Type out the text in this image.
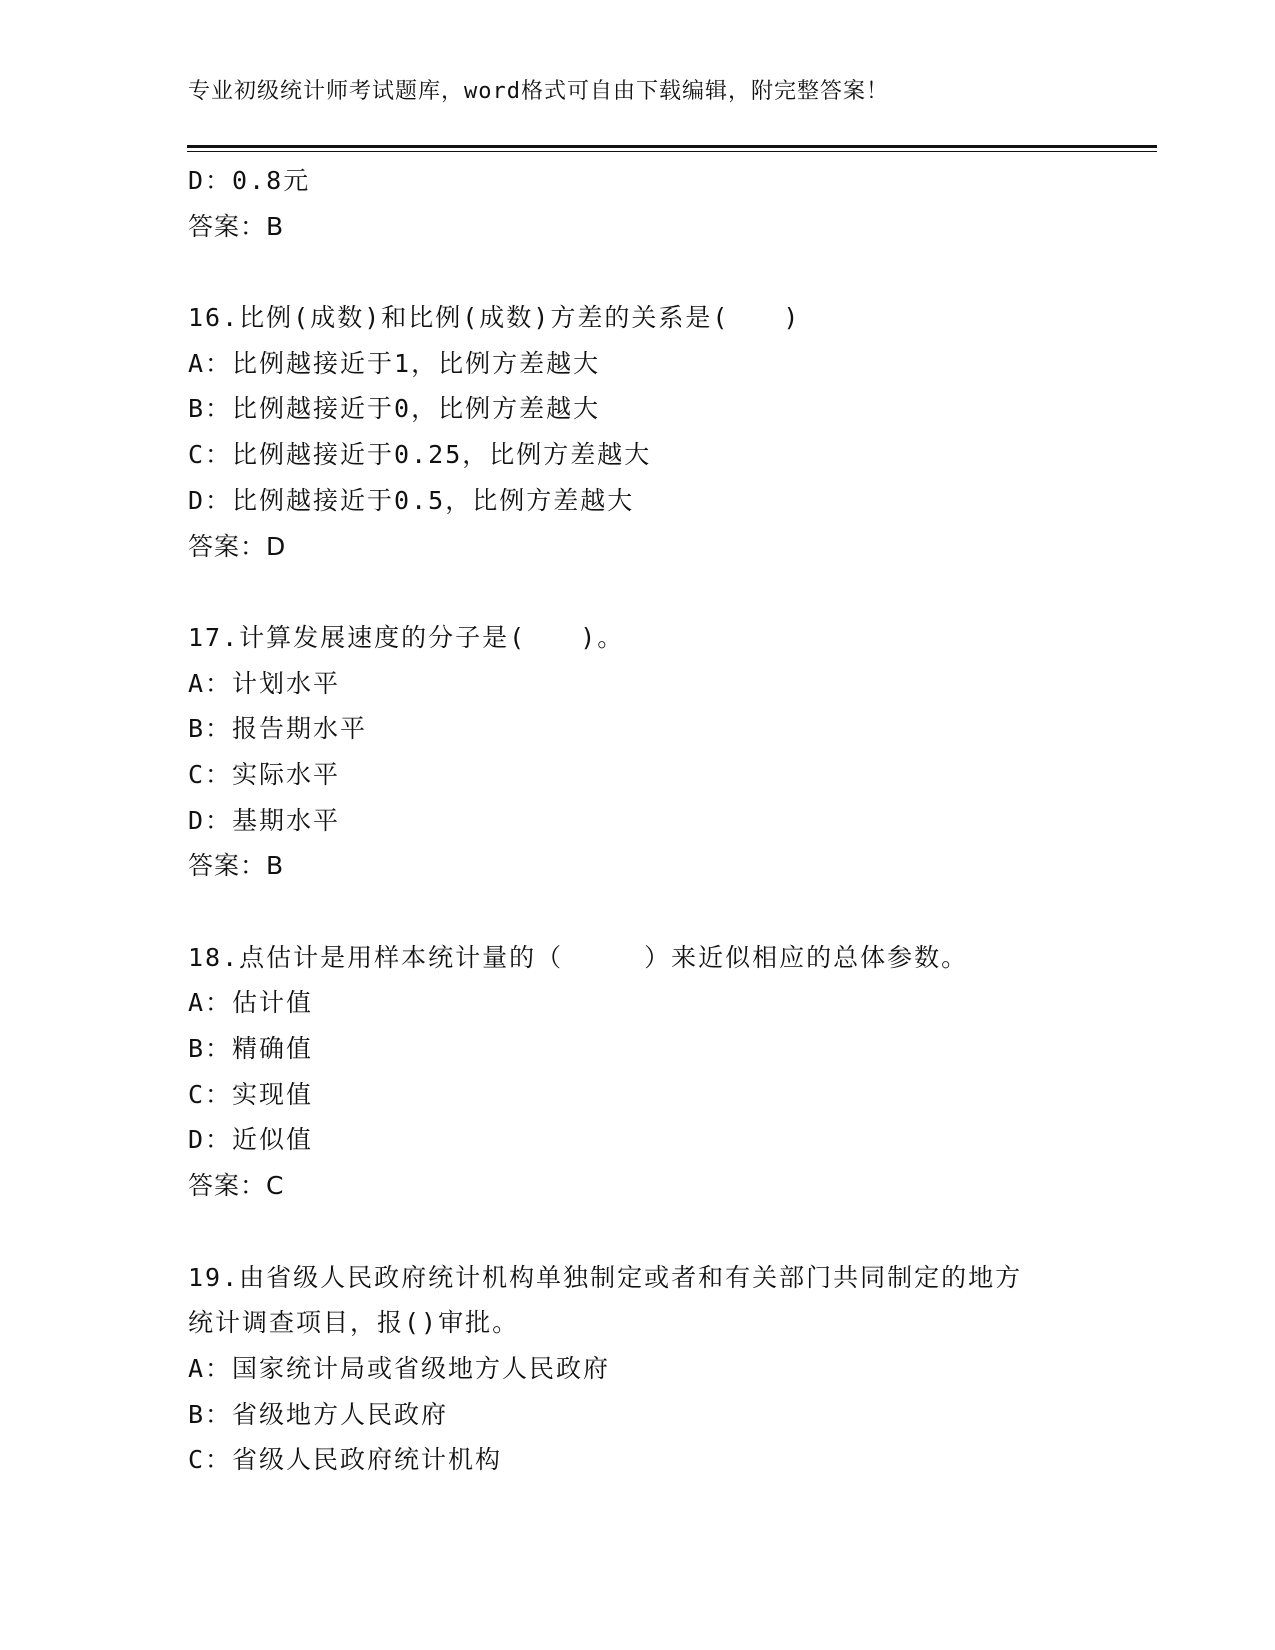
专业初级统计师考试题库，word格式可自由下载编辑，附完整答案！
D：0.8元
答案：B
16.比例(成数)和比例(成数)方差的关系是(　　)
A：比例越接近于1，比例方差越大
B：比例越接近于0，比例方差越大
C：比例越接近于0.25，比例方差越大
D：比例越接近于0.5，比例方差越大
答案：D
17.计算发展速度的分子是(　　)。
A：计划水平
B：报告期水平
C：实际水平
D：基期水平
答案：B
18.点估计是用样本统计量的（　　　）来近似相应的总体参数。
A：估计值
B：精确值
C：实现值
D：近似值
答案：C
19.由省级人民政府统计机构单独制定或者和有关部门共同制定的地方
统计调查项目，报()审批。
A：国家统计局或省级地方人民政府
B：省级地方人民政府
C：省级人民政府统计机构
